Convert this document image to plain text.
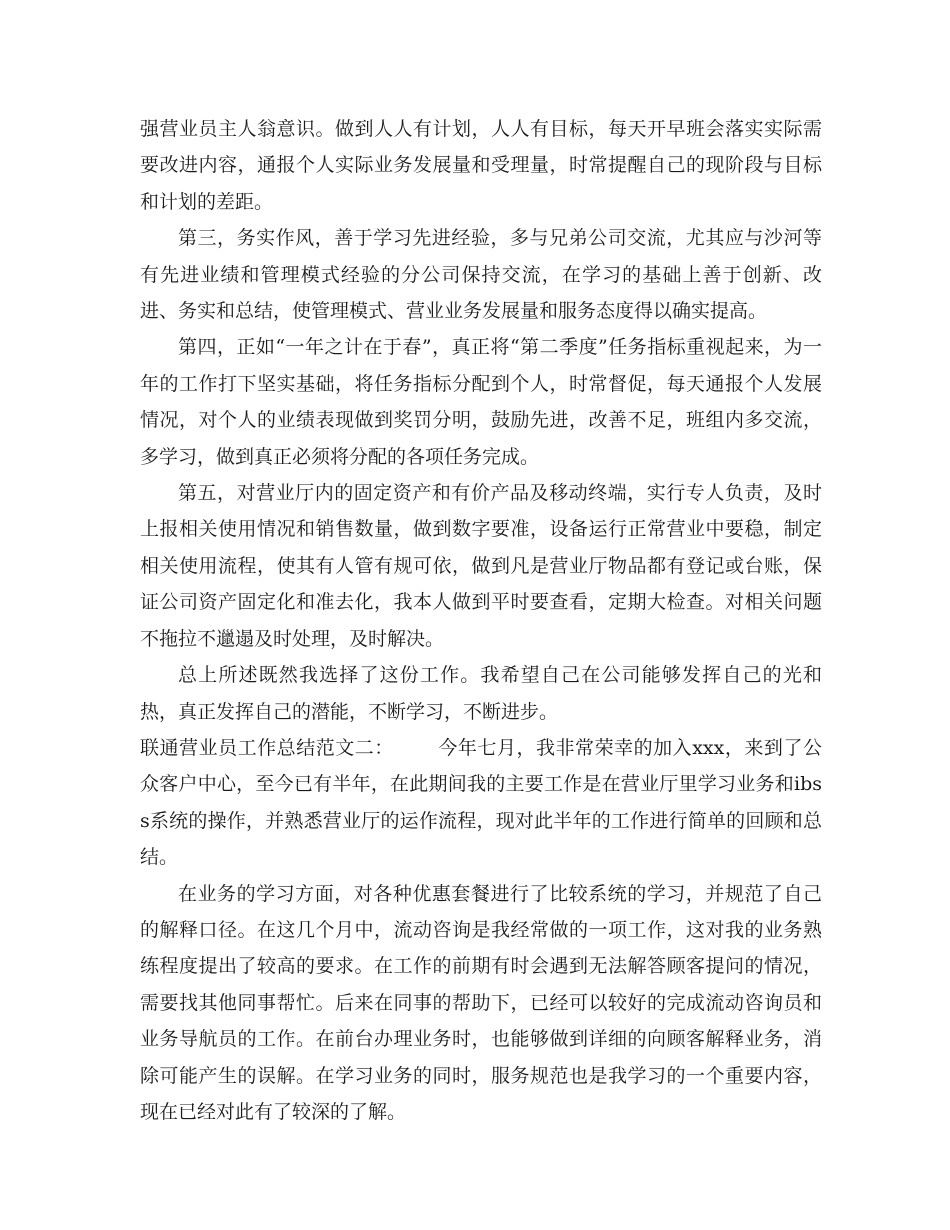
强营业员主人翁意识。做到人人有计划，人人有目标，每天开早班会落实实际需要改进内容，通报个人实际业务发展量和受理量，时常提醒自己的现阶段与目标和计划的差距。

第三，务实作风，善于学习先进经验，多与兄弟公司交流，尤其应与沙河等有先进业绩和管理模式经验的分公司保持交流，在学习的基础上善于创新、改进、务实和总结，使管理模式、营业业务发展量和服务态度得以确实提高。

第四，正如“一年之计在于春”，真正将“第二季度”任务指标重视起来，为一年的工作打下坚实基础，将任务指标分配到个人，时常督促，每天通报个人发展情况，对个人的业绩表现做到奖罚分明，鼓励先进，改善不足，班组内多交流，多学习，做到真正必须将分配的各项任务完成。

第五，对营业厅内的固定资产和有价产品及移动终端，实行专人负责，及时上报相关使用情况和销售数量，做到数字要准，设备运行正常营业中要稳，制定相关使用流程，使其有人管有规可依，做到凡是营业厅物品都有登记或台账，保证公司资产固定化和准去化，我本人做到平时要查看，定期大检查。对相关问题不拖拉不邋遢及时处理，及时解决。

总上所述既然我选择了这份工作。我希望自己在公司能够发挥自己的光和热，真正发挥自己的潜能，不断学习，不断进步。

联通营业员工作总结范文二： 今年七月，我非常荣幸的加入xxx，来到了公众客户中心，至今已有半年，在此期间我的主要工作是在营业厅里学习业务和ibss系统的操作，并熟悉营业厅的运作流程，现对此半年的工作进行简单的回顾和总结。

在业务的学习方面，对各种优惠套餐进行了比较系统的学习，并规范了自己的解释口径。在这几个月中，流动咨询是我经常做的一项工作，这对我的业务熟练程度提出了较高的要求。在工作的前期有时会遇到无法解答顾客提问的情况，需要找其他同事帮忙。后来在同事的帮助下，已经可以较好的完成流动咨询员和业务导航员的工作。在前台办理业务时，也能够做到详细的向顾客解释业务，消除可能产生的误解。在学习业务的同时，服务规范也是我学习的一个重要内容，现在已经对此有了较深的了解。
